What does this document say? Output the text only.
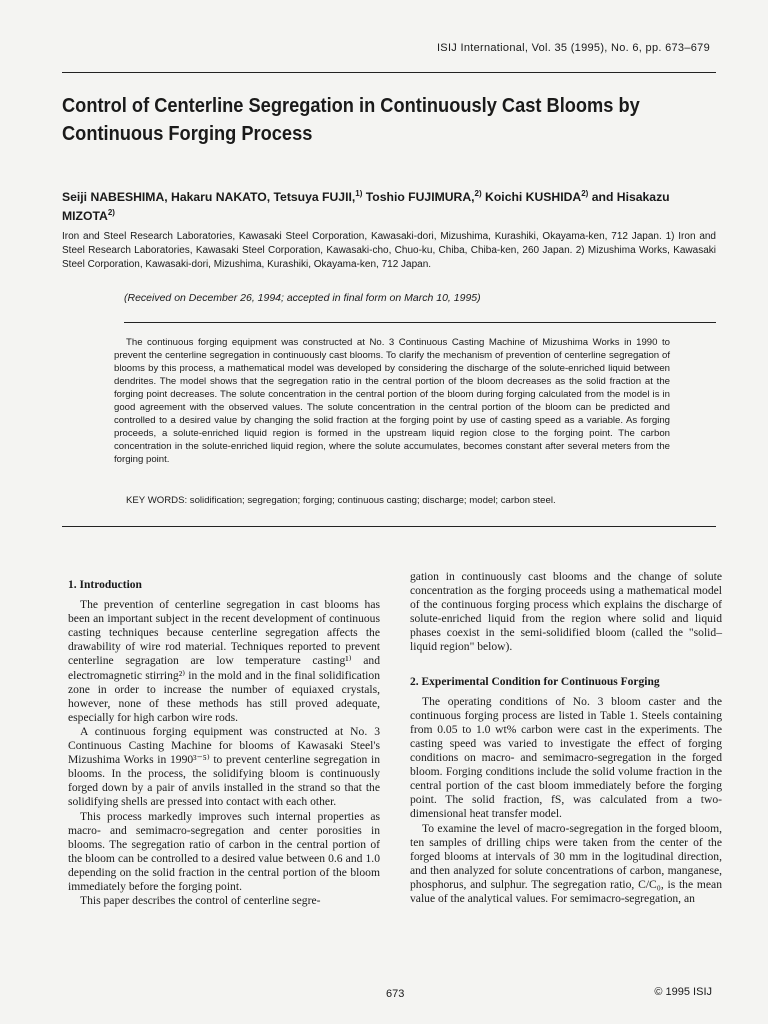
ISIJ International, Vol. 35 (1995), No. 6, pp. 673–679
Control of Centerline Segregation in Continuously Cast Blooms by Continuous Forging Process
Seiji NABESHIMA, Hakaru NAKATO, Tetsuya FUJII,$^{1)}$ Toshio FUJIMURA,$^{2)}$ Koichi KUSHIDA$^{2)}$ and Hisakazu MIZOTA$^{2)}$
Iron and Steel Research Laboratories, Kawasaki Steel Corporation, Kawasaki-dori, Mizushima, Kurashiki, Okayama-ken, 712 Japan. 1) Iron and Steel Research Laboratories, Kawasaki Steel Corporation, Kawasaki-cho, Chuo-ku, Chiba, Chiba-ken, 260 Japan. 2) Mizushima Works, Kawasaki Steel Corporation, Kawasaki-dori, Mizushima, Kurashiki, Okayama-ken, 712 Japan.
(Received on December 26, 1994; accepted in final form on March 10, 1995)
The continuous forging equipment was constructed at No. 3 Continuous Casting Machine of Mizushima Works in 1990 to prevent the centerline segregation in continuously cast blooms. To clarify the mechanism of prevention of centerline segregation of blooms by this process, a mathematical model was developed by considering the discharge of the solute-enriched liquid between dendrites. The model shows that the segregation ratio in the central portion of the bloom decreases as the solid fraction at the forging point decreases. The solute concentration in the central portion of the bloom during forging calculated from the model is in good agreement with the observed values. The solute concentration in the central portion of the bloom can be predicted and controlled to a desired value by changing the solid fraction at the forging point by use of casting speed as a variable. As forging proceeds, a solute-enriched liquid region is formed in the upstream liquid region close to the forging point. The carbon concentration in the solute-enriched liquid region, where the solute accumulates, becomes constant after several meters from the forging point.
KEY WORDS: solidification; segregation; forging; continuous casting; discharge; model; carbon steel.
1. Introduction

The prevention of centerline segregation in cast blooms has been an important subject in the recent development of continuous casting techniques because centerline segregation affects the drawability of wire rod material. Techniques reported to prevent centerline segragation are low temperature casting¹⁾ and electromagnetic stirring²⁾ in the mold and in the final solidification zone in order to increase the number of equiaxed crystals, however, none of these methods has still proved adequate, especially for high carbon wire rods.

A continuous forging equipment was constructed at No. 3 Continuous Casting Machine for blooms of Kawasaki Steel's Mizushima Works in 1990³⁻⁵⁾ to prevent centerline segregation in blooms. In the process, the solidifying bloom is continuously forged down by a pair of anvils installed in the strand so that the solidifying shells are pressed into contact with each other.

This process markedly improves such internal properties as macro- and semimacro-segregation and center porosities in blooms. The segregation ratio of carbon in the central portion of the bloom can be controlled to a desired value between 0.6 and 1.0 depending on the solid fraction in the central portion of the bloom immediately before the forging point.

This paper describes the control of centerline segre-

gation in continuously cast blooms and the change of solute concentration as the forging proceeds using a mathematical model of the continuous forging process which explains the discharge of solute-enriched liquid from the region where solid and liquid phases coexist in the semi-solidified bloom (called the "solid–liquid region" below).

2. Experimental Condition for Continuous Forging

The operating conditions of No. 3 bloom caster and the continuous forging process are listed in Table 1. Steels containing from 0.05 to 1.0 wt% carbon were cast in the experiments. The casting speed was varied to investigate the effect of forging conditions on macro- and semimacro-segregation in the forged bloom. Forging conditions include the solid volume fraction in the central portion of the cast bloom immediately before the forging point. The solid fraction, fS, was calculated from a two-dimensional heat transfer model.

To examine the level of macro-segregation in the forged bloom, ten samples of drilling chips were taken from the center of the forged blooms at intervals of 30 mm in the logitudinal direction, and then analyzed for solute concentrations of carbon, manganese, phosphorus, and sulphur. The segregation ratio, C/C₀, is the mean value of the analytical values. For semimacro-segregation, an

673	© 1995 ISIJ
